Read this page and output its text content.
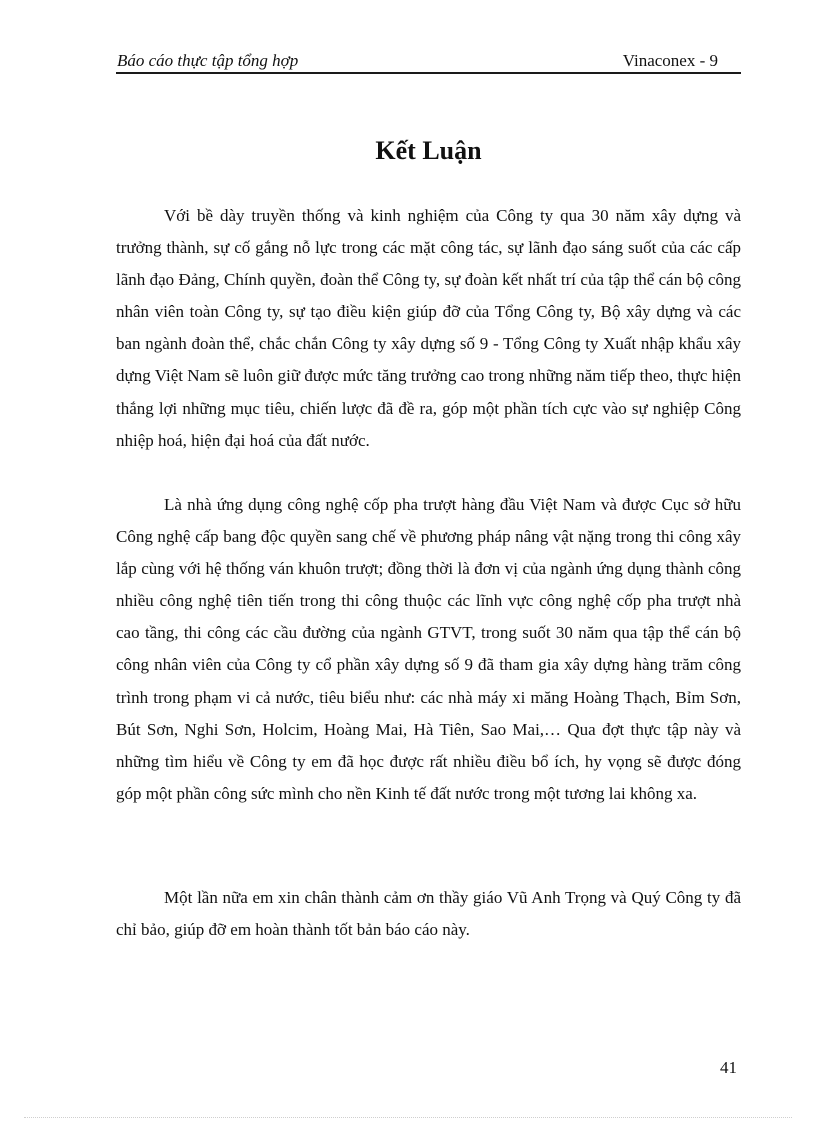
Báo cáo thực tập tổng hợp	Vinaconex - 9
Kết Luận

Với bề dày truyền thống và kinh nghiệm của Công ty qua 30 năm xây dựng và trưởng thành, sự cố gắng nỗ lực trong các mặt công tác, sự lãnh đạo sáng suốt của các cấp lãnh đạo Đảng, Chính quyền, đoàn thể Công ty, sự đoàn kết nhất trí của tập thể cán bộ công nhân viên toàn Công ty, sự tạo điều kiện giúp đỡ của Tổng Công ty, Bộ xây dựng và các ban ngành đoàn thể, chắc chắn Công ty xây dựng số 9 - Tổng Công ty Xuất nhập khẩu xây dựng Việt Nam sẽ luôn giữ được mức tăng trưởng cao trong những năm tiếp theo, thực hiện thắng lợi những mục tiêu, chiến lược đã đề ra, góp một phần tích cực vào sự nghiệp Công nhiệp hoá, hiện đại hoá của đất nước.

Là nhà ứng dụng công nghệ cốp pha trượt hàng đầu Việt Nam và được Cục sở hữu Công nghệ cấp bang độc quyền sang chế về phương pháp nâng vật nặng trong thi công xây lắp cùng với hệ thống ván khuôn trượt; đồng thời là đơn vị của ngành ứng dụng thành công nhiều công nghệ tiên tiến trong thi công thuộc các lĩnh vực công nghệ cốp pha trượt nhà cao tầng, thi công các cầu đường của ngành GTVT, trong suốt 30 năm qua tập thể cán bộ công nhân viên của Công ty cổ phần xây dựng số 9 đã tham gia xây dựng hàng trăm công trình trong phạm vi cả nước, tiêu biểu như: các nhà máy xi măng Hoàng Thạch, Bỉm Sơn, Bút Sơn, Nghi Sơn, Holcim, Hoàng Mai, Hà Tiên, Sao Mai,… Qua đợt thực tập này và những tìm hiểu về Công ty em đã học được rất nhiều điều bổ ích, hy vọng sẽ được đóng góp một phần công sức mình cho nền Kinh tế đất nước trong một tương lai không xa.

Một lần nữa em xin chân thành cảm ơn thầy giáo Vũ Anh Trọng và Quý Công ty đã chỉ bảo, giúp đỡ em hoàn thành tốt bản báo cáo này.

41
